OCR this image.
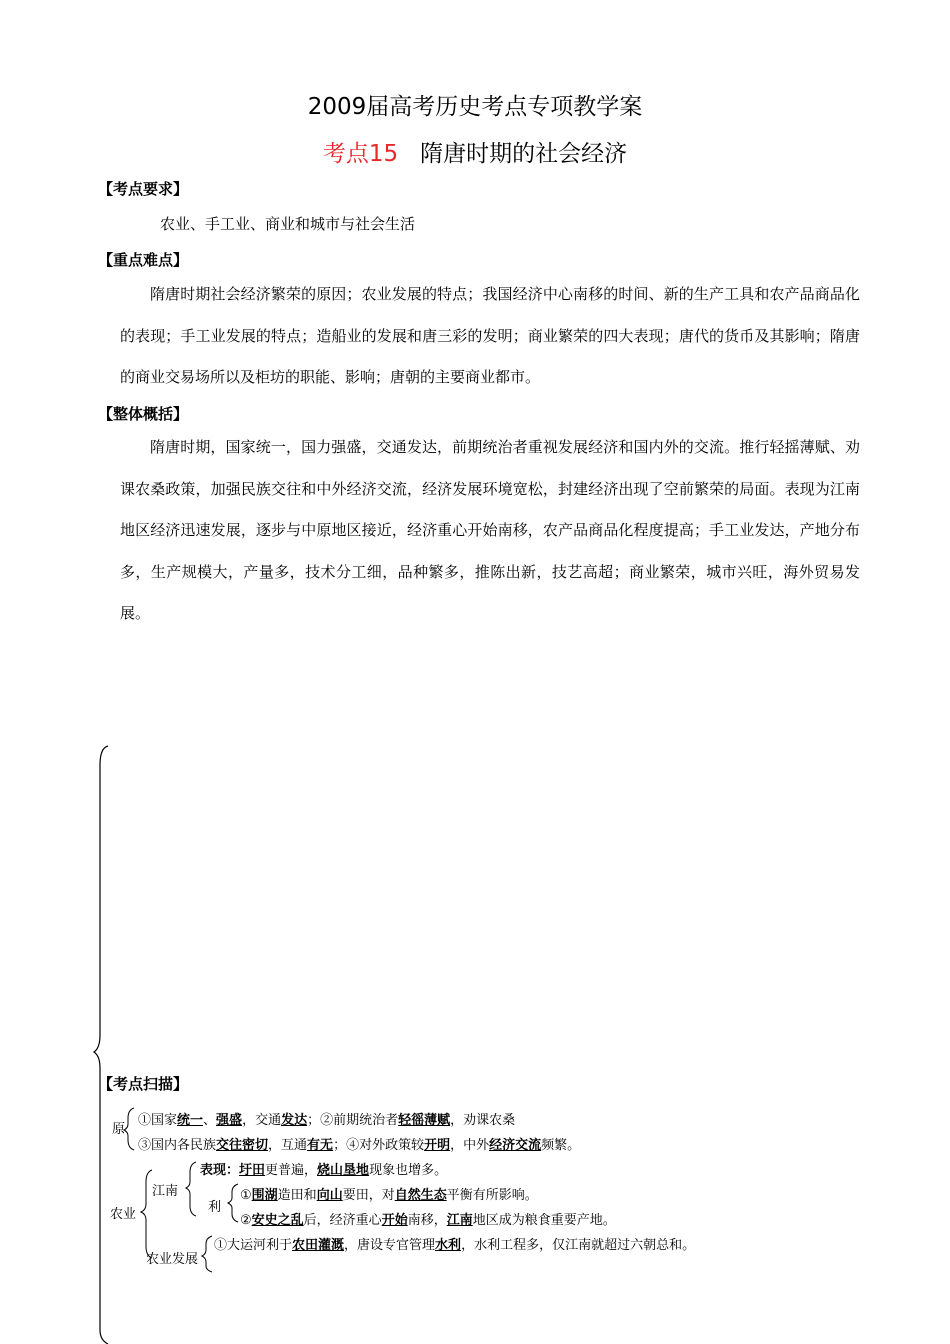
2009届高考历史考点专项教学案
考点15 隋唐时期的社会经济
【考点要求】
农业、手工业、商业和城市与社会生活
【重点难点】
隋唐时期社会经济繁荣的原因；农业发展的特点；我国经济中心南移的时间、新的生产工具和农产品商品化的表现；手工业发展的特点；造船业的发展和唐三彩的发明；商业繁荣的四大表现；唐代的货币及其影响；隋唐的商业交易场所以及柜坊的职能、影响；唐朝的主要商业都市。
【整体概括】
隋唐时期，国家统一，国力强盛，交通发达，前期统治者重视发展经济和国内外的交流。推行轻摇薄赋、劝课农桑政策，加强民族交往和中外经济交流，经济发展环境宽松，封建经济出现了空前繁荣的局面。表现为江南地区经济迅速发展，逐步与中原地区接近，经济重心开始南移，农产品商品化程度提高；手工业发达，产地分布多，生产规模大，产量多，技术分工细，品种繁多，推陈出新，技艺高超；商业繁荣，城市兴旺，海外贸易发展。
【考点扫描】
原
①国家统一、强盛，交通发达；②前期统治者轻徭薄赋，劝课农桑
③国内各民族交往密切，互通有无；④对外政策较开明，中外经济交流频繁。
农业
江南
表现：圩田更普遍，烧山垦地现象也增多。
利
①围湖造田和向山要田，对自然生态平衡有所影响。
②安史之乱后，经济重心开始南移，江南地区成为粮食重要产地。
农业发展
①大运河利于农田灌溉，唐设专官管理水利，水利工程多，仅江南就超过六朝总和。
